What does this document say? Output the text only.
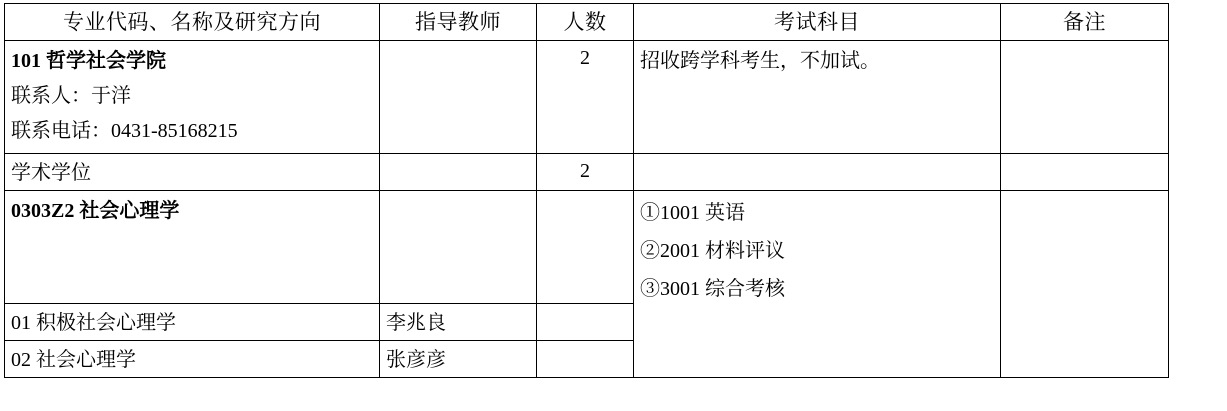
专业代码、名称及研究方向	指导教师	人数	考试科目	备注

101 哲学社会学院
联系人：于洋
联系电话：0431-85168215		2	招收跨学科考生，不加试。	

学术学位		2		

0303Z2 社会心理学			①1001 英语
②2001 材料评议
③3001 综合考核	

01 积极社会心理学	李兆良			

02 社会心理学	张彦彦			
